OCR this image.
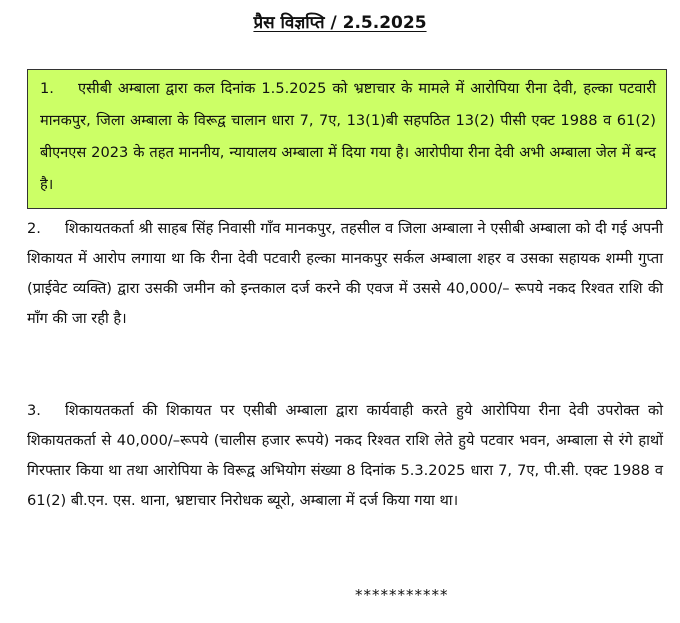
प्रैस विज्ञप्ति / 2.5.2025
1. एसीबी अम्बाला द्वारा कल दिनांक 1.5.2025 को भ्रष्टाचार के मामले में आरोपिया रीना देवी, हल्का पटवारी मानकपुर, जिला अम्बाला के विरूद्व चालान धारा 7, 7ए, 13(1)बी सहपठित 13(2) पीसी एक्ट 1988 व 61(2) बीएनएस 2023 के तहत माननीय, न्यायालय अम्बाला में दिया गया है। आरोपीया रीना देवी अभी अम्बाला जेल में बन्द है।
2. शिकायतकर्ता श्री साहब सिंह निवासी गाँव मानकपुर, तहसील व जिला अम्बाला ने एसीबी अम्बाला को दी गई अपनी शिकायत में आरोप लगाया था कि रीना देवी पटवारी हल्का मानकपुर सर्कल अम्बाला शहर व उसका सहायक शम्मी गुप्ता (प्राईवेट व्यक्ति) द्वारा उसकी जमीन को इन्तकाल दर्ज करने की एवज में उससे 40,000/– रूपये नकद रिश्वत राशि की माँग की जा रही है।
3. शिकायतकर्ता की शिकायत पर एसीबी अम्बाला द्वारा कार्यवाही करते हुये आरोपिया रीना देवी उपरोक्त को शिकायतकर्ता से 40,000/–रूपये (चालीस हजार रूपये) नकद रिश्वत राशि लेते हुये पटवार भवन, अम्बाला से रंगे हाथों गिरफ्तार किया था तथा आरोपिया के विरूद्व अभियोग संख्या 8 दिनांक 5.3.2025 धारा 7, 7ए, पी.सी. एक्ट 1988 व 61(2) बी.एन. एस. थाना, भ्रष्टाचार निरोधक ब्यूरो, अम्बाला में दर्ज किया गया था।
***********
